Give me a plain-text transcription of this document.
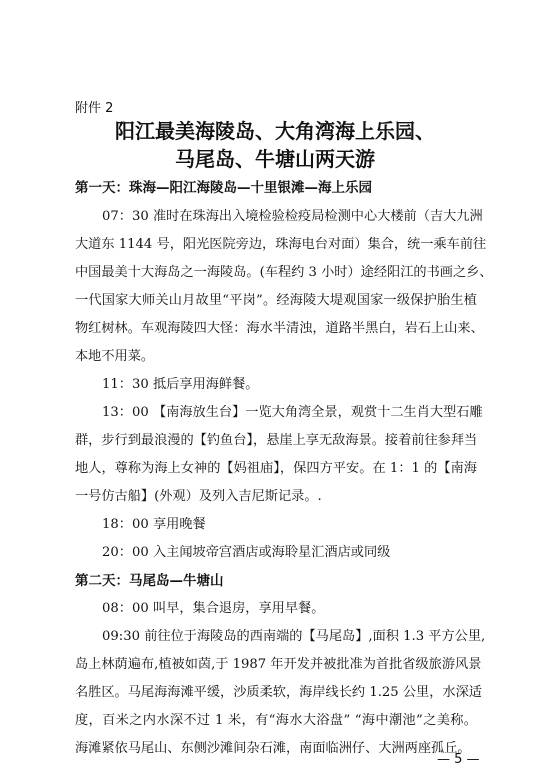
附件 2
阳江最美海陵岛、大角湾海上乐园、
马尾岛、牛塘山两天游
第一天：珠海—阳江海陵岛—十里银滩—海上乐园
07：30 准时在珠海出入境检验检疫局检测中心大楼前（吉大九洲
大道东 1144 号，阳光医院旁边，珠海电台对面）集合，统一乘车前往
中国最美十大海岛之一海陵岛。(车程约 3 小时）途经阳江的书画之乡、
一代国家大师关山月故里“平岗”。经海陵大堤观国家一级保护胎生植
物红树林。车观海陵四大怪：海水半清浊，道路半黑白，岩石上山来、
本地不用菜。
11：30 抵后享用海鲜餐。
13：00 【南海放生台】一览大角湾全景，观赏十二生肖大型石雕
群，步行到最浪漫的【钓鱼台】，悬崖上享无敌海景。接着前往参拜当
地人，尊称为海上女神的【妈祖庙】，保四方平安。在 1：1 的【南海
一号仿古船】(外观）及列入吉尼斯记录。.
18：00 享用晚餐
20：00 入主闻坡帝宫酒店或海聆星汇酒店或同级
第二天：马尾岛—牛塘山
08：00 叫早，集合退房，享用早餐。
09:30 前往位于海陵岛的西南端的【马尾岛】,面积 1.3 平方公里,
岛上林荫遍布,植被如茵,于 1987 年开发并被批准为首批省级旅游风景
名胜区。马尾海海滩平缓，沙质柔软，海岸线长约 1.25 公里，水深适
度，百米之内水深不过 1 米，有“海水大浴盘” “海中潮池”之美称。
海滩紧依马尾山、东侧沙滩间杂石滩，南面临洲仔、大洲两座孤丘。
— 5 —
